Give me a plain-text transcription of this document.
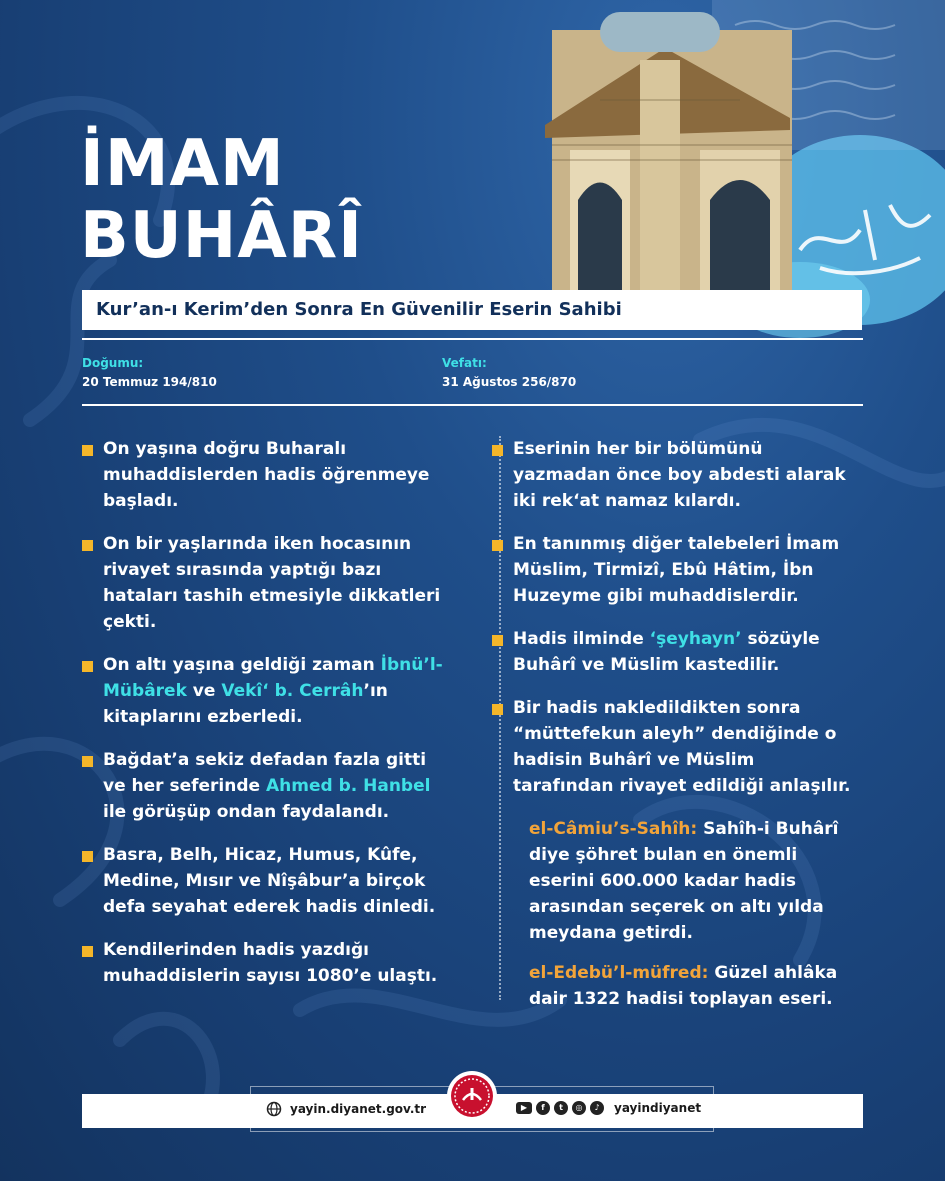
İMAM
BUHÂRÎ
Kur’an-ı Kerim’den Sonra En Güvenilir Eserin Sahibi
Doğumu:
20 Temmuz 194/810
Vefatı:
31 Ağustos 256/870
On yaşına doğru Buharalı muhaddislerden hadis öğrenmeye başladı.
On bir yaşlarında iken hocasının rivayet sırasında yaptığı bazı hataları tashih etmesiyle dikkatleri çekti.
On altı yaşına geldiği zaman İbnü’l-Mübârek ve Vekî‘ b. Cerrâh’ın kitaplarını ezberledi.
Bağdat’a sekiz defadan fazla gitti ve her seferinde Ahmed b. Hanbel ile görüşüp ondan faydalandı.
Basra, Belh, Hicaz, Humus, Kûfe, Medine, Mısır ve Nîşâbur’a birçok defa seyahat ederek hadis dinledi.
Kendilerinden hadis yazdığı muhaddislerin sayısı 1080’e ulaştı.
Eserinin her bir bölümünü yazmadan önce boy abdesti alarak iki rek‘at namaz kılardı.
En tanınmış diğer talebeleri İmam Müslim, Tirmizî, Ebû Hâtim, İbn Huzeyme gibi muhaddislerdir.
Hadis ilminde ‘şeyhayn’ sözüyle Buhârî ve Müslim kastedilir.
Bir hadis nakledildikten sonra “müttefekun aleyh” dendiğinde o hadisin Buhârî ve Müslim tarafından rivayet edildiği anlaşılır.
el-Câmiu’s-Sahîh: Sahîh-i Buhârî diye şöhret bulan en önemli eserini 600.000 kadar hadis arasından seçerek on altı yılda meydana getirdi.
el-Edebü’l-müfred: Güzel ahlâka dair 1322 hadisi toplayan eseri.
yayin.diyanet.gov.tr	▶	f	t	◎	♪	yayindiyanet
